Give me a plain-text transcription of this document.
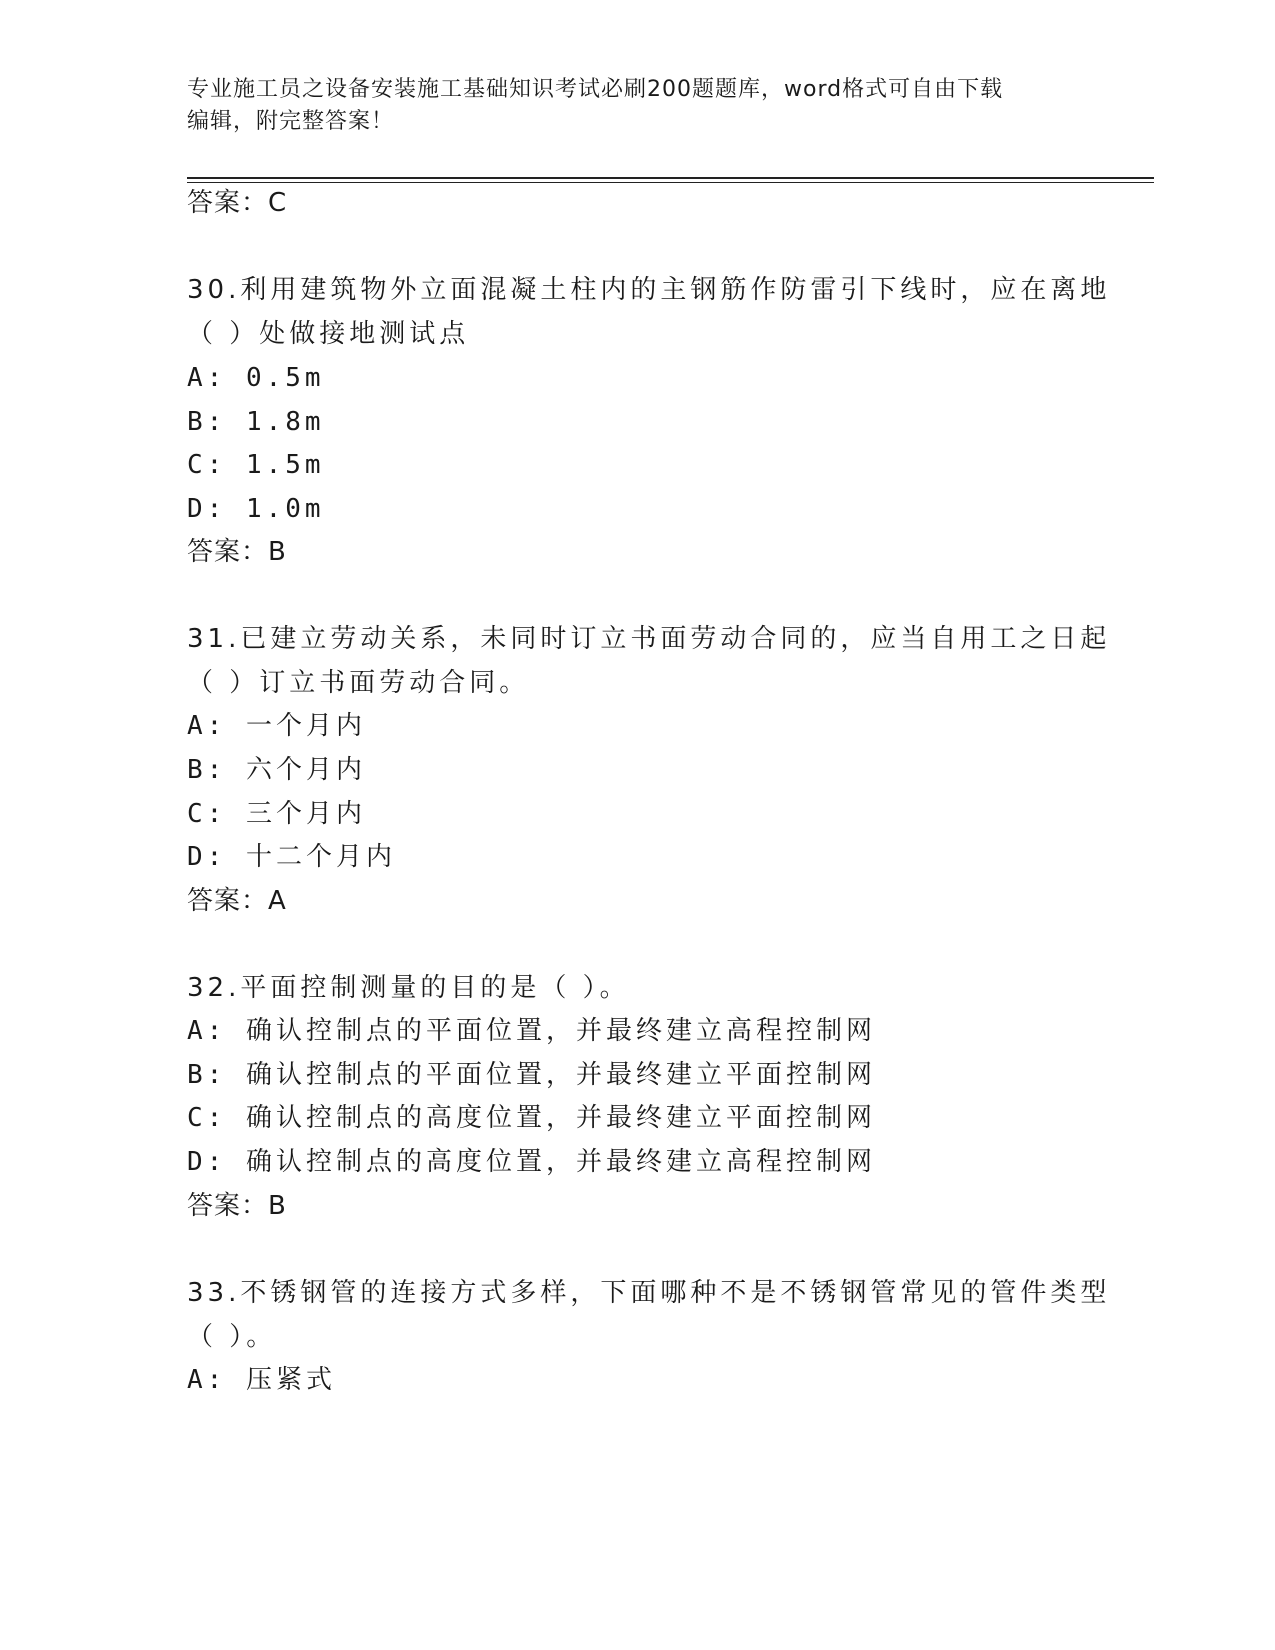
专业施工员之设备安装施工基础知识考试必刷200题题库，word格式可自由下载
编辑，附完整答案！
答案：C
30.利用建筑物外立面混凝土柱内的主钢筋作防雷引下线时，应在离地
（ ）处做接地测试点
A: 0.5m
B: 1.8m
C: 1.5m
D: 1.0m
答案：B
31.已建立劳动关系，未同时订立书面劳动合同的，应当自用工之日起
（ ）订立书面劳动合同。
A: 一个月内
B: 六个月内
C: 三个月内
D: 十二个月内
答案：A
32.平面控制测量的目的是（ ）。
A: 确认控制点的平面位置，并最终建立高程控制网
B: 确认控制点的平面位置，并最终建立平面控制网
C: 确认控制点的高度位置，并最终建立平面控制网
D: 确认控制点的高度位置，并最终建立高程控制网
答案：B
33.不锈钢管的连接方式多样，下面哪种不是不锈钢管常见的管件类型
（ ）。
A: 压紧式
